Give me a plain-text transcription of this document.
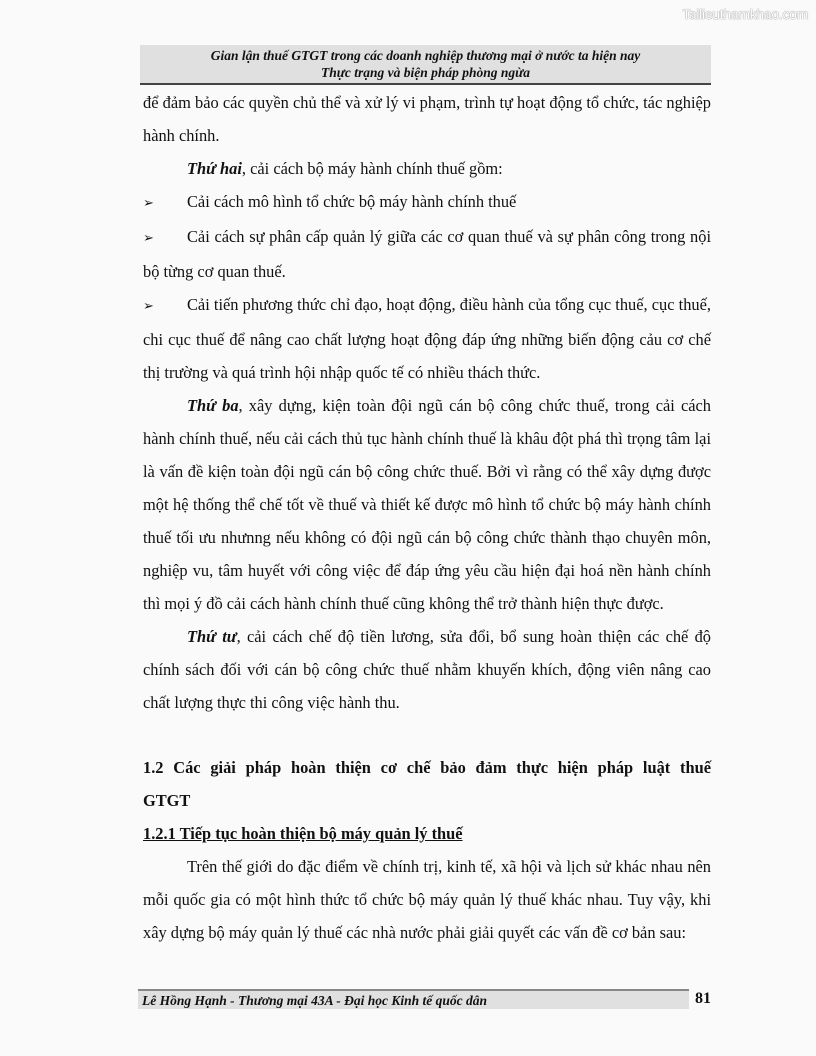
Tailieuthamkhao.com
Gian lận thuế GTGT trong các doanh nghiệp thương mại ở nước ta hiện nay
Thực trạng và biện pháp phòng ngừa

để đảm bảo các quyền chủ thể và xử lý vi phạm, trình tự hoạt động tổ chức, tác nghiệp hành chính.

Thứ hai, cải cách bộ máy hành chính thuế gồm:

➢ Cải cách mô hình tổ chức bộ máy hành chính thuế

➢ Cải cách sự phân cấp quản lý giữa các cơ quan thuế và sự phân công trong nội bộ từng cơ quan thuế.

➢ Cải tiến phương thức chỉ đạo, hoạt động, điều hành của tổng cục thuế, cục thuế, chi cục thuế để nâng cao chất lượng hoạt động đáp ứng những biến động cảu cơ chế thị trường và quá trình hội nhập quốc tế có nhiều thách thức.

Thứ ba, xây dựng, kiện toàn đội ngũ cán bộ công chức thuế, trong cải cách hành chính thuế, nếu cải cách thủ tục hành chính thuế là khâu đột phá thì trọng tâm lại là vấn đề kiện toàn đội ngũ cán bộ công chức thuế. Bởi vì rằng có thể xây dựng được một hệ thống thể chế tốt về thuế và thiết kế được mô hình tổ chức bộ máy hành chính thuế tối ưu nhưnng nếu không có đội ngũ cán bộ công chức thành thạo chuyên môn, nghiệp vu, tâm huyết với công việc để đáp ứng yêu cầu hiện đại hoá nền hành chính thì mọi ý đồ cải cách hành chính thuế cũng không thể trở thành hiện thực được.

Thứ tư, cải cách chế độ tiền lương, sửa đổi, bổ sung hoàn thiện các chế độ chính sách đối với cán bộ công chức thuế nhằm khuyến khích, động viên nâng cao chất lượng thực thi công việc hành thu.

1.2 Các giải pháp hoàn thiện cơ chế bảo đảm thực hiện pháp luật thuế GTGT

1.2.1 Tiếp tục hoàn thiện bộ máy quản lý thuế

Trên thế giới do đặc điểm về chính trị, kinh tế, xã hội và lịch sử khác nhau nên mỗi quốc gia có một hình thức tổ chức bộ máy quản lý thuế khác nhau. Tuy vậy, khi xây dựng bộ máy quản lý thuế các nhà nước phải giải quyết các vấn đề cơ bản sau:

Lê Hồng Hạnh - Thương mại 43A - Đại học Kinh tế quốc dân	81
